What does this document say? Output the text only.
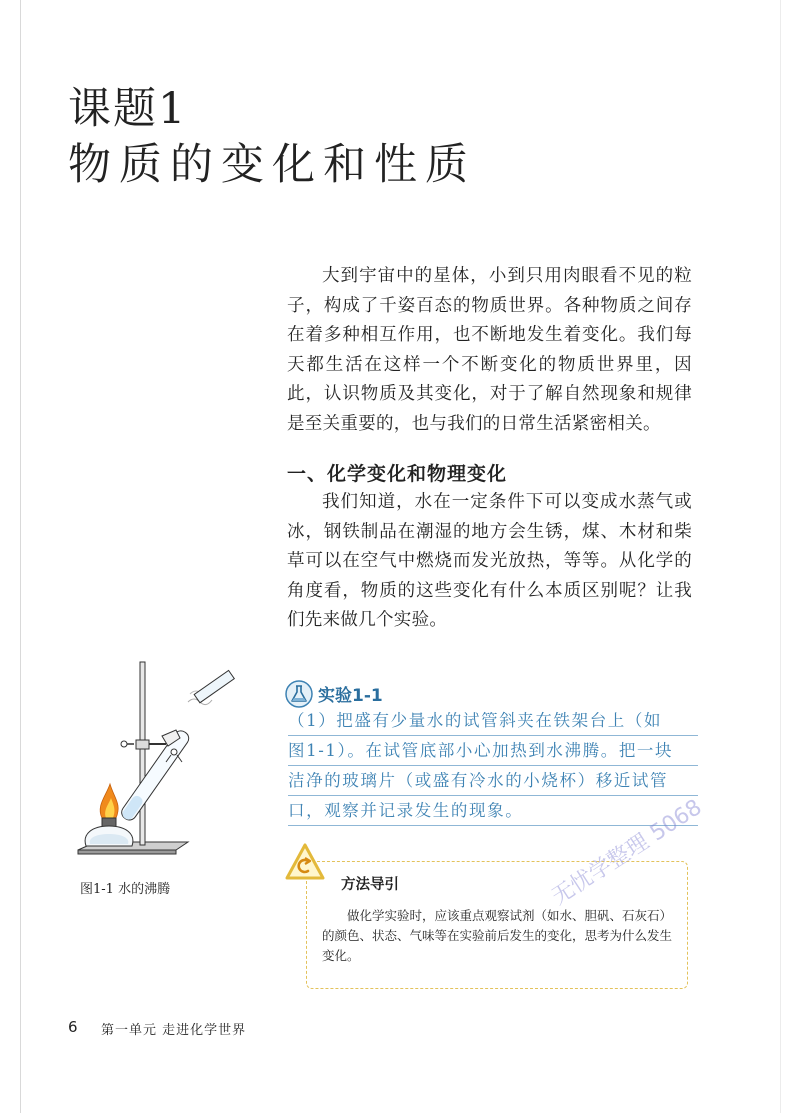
课题1
物质的变化和性质

大到宇宙中的星体，小到只用肉眼看不见的粒子，构成了千姿百态的物质世界。各种物质之间存在着多种相互作用，也不断地发生着变化。我们每天都生活在这样一个不断变化的物质世界里，因此，认识物质及其变化，对于了解自然现象和规律是至关重要的，也与我们的日常生活紧密相关。

一、化学变化和物理变化

我们知道，水在一定条件下可以变成水蒸气或冰，钢铁制品在潮湿的地方会生锈，煤、木材和柴草可以在空气中燃烧而发光放热，等等。从化学的角度看，物质的这些变化有什么本质区别呢？让我们先来做几个实验。

图1-1 水的沸腾
实验1-1
（1）把盛有少量水的试管斜夹在铁架台上（如
图1-1）。在试管底部小心加热到水沸腾。把一块
洁净的玻璃片（或盛有冷水的小烧杯）移近试管
口，观察并记录发生的现象。
方法导引
做化学实验时，应该重点观察试剂（如水、胆矾、石灰石）的颜色、状态、气味等在实验前后发生的变化，思考为什么发生变化。
无忧学整理 5068
6 第一单元 走进化学世界
